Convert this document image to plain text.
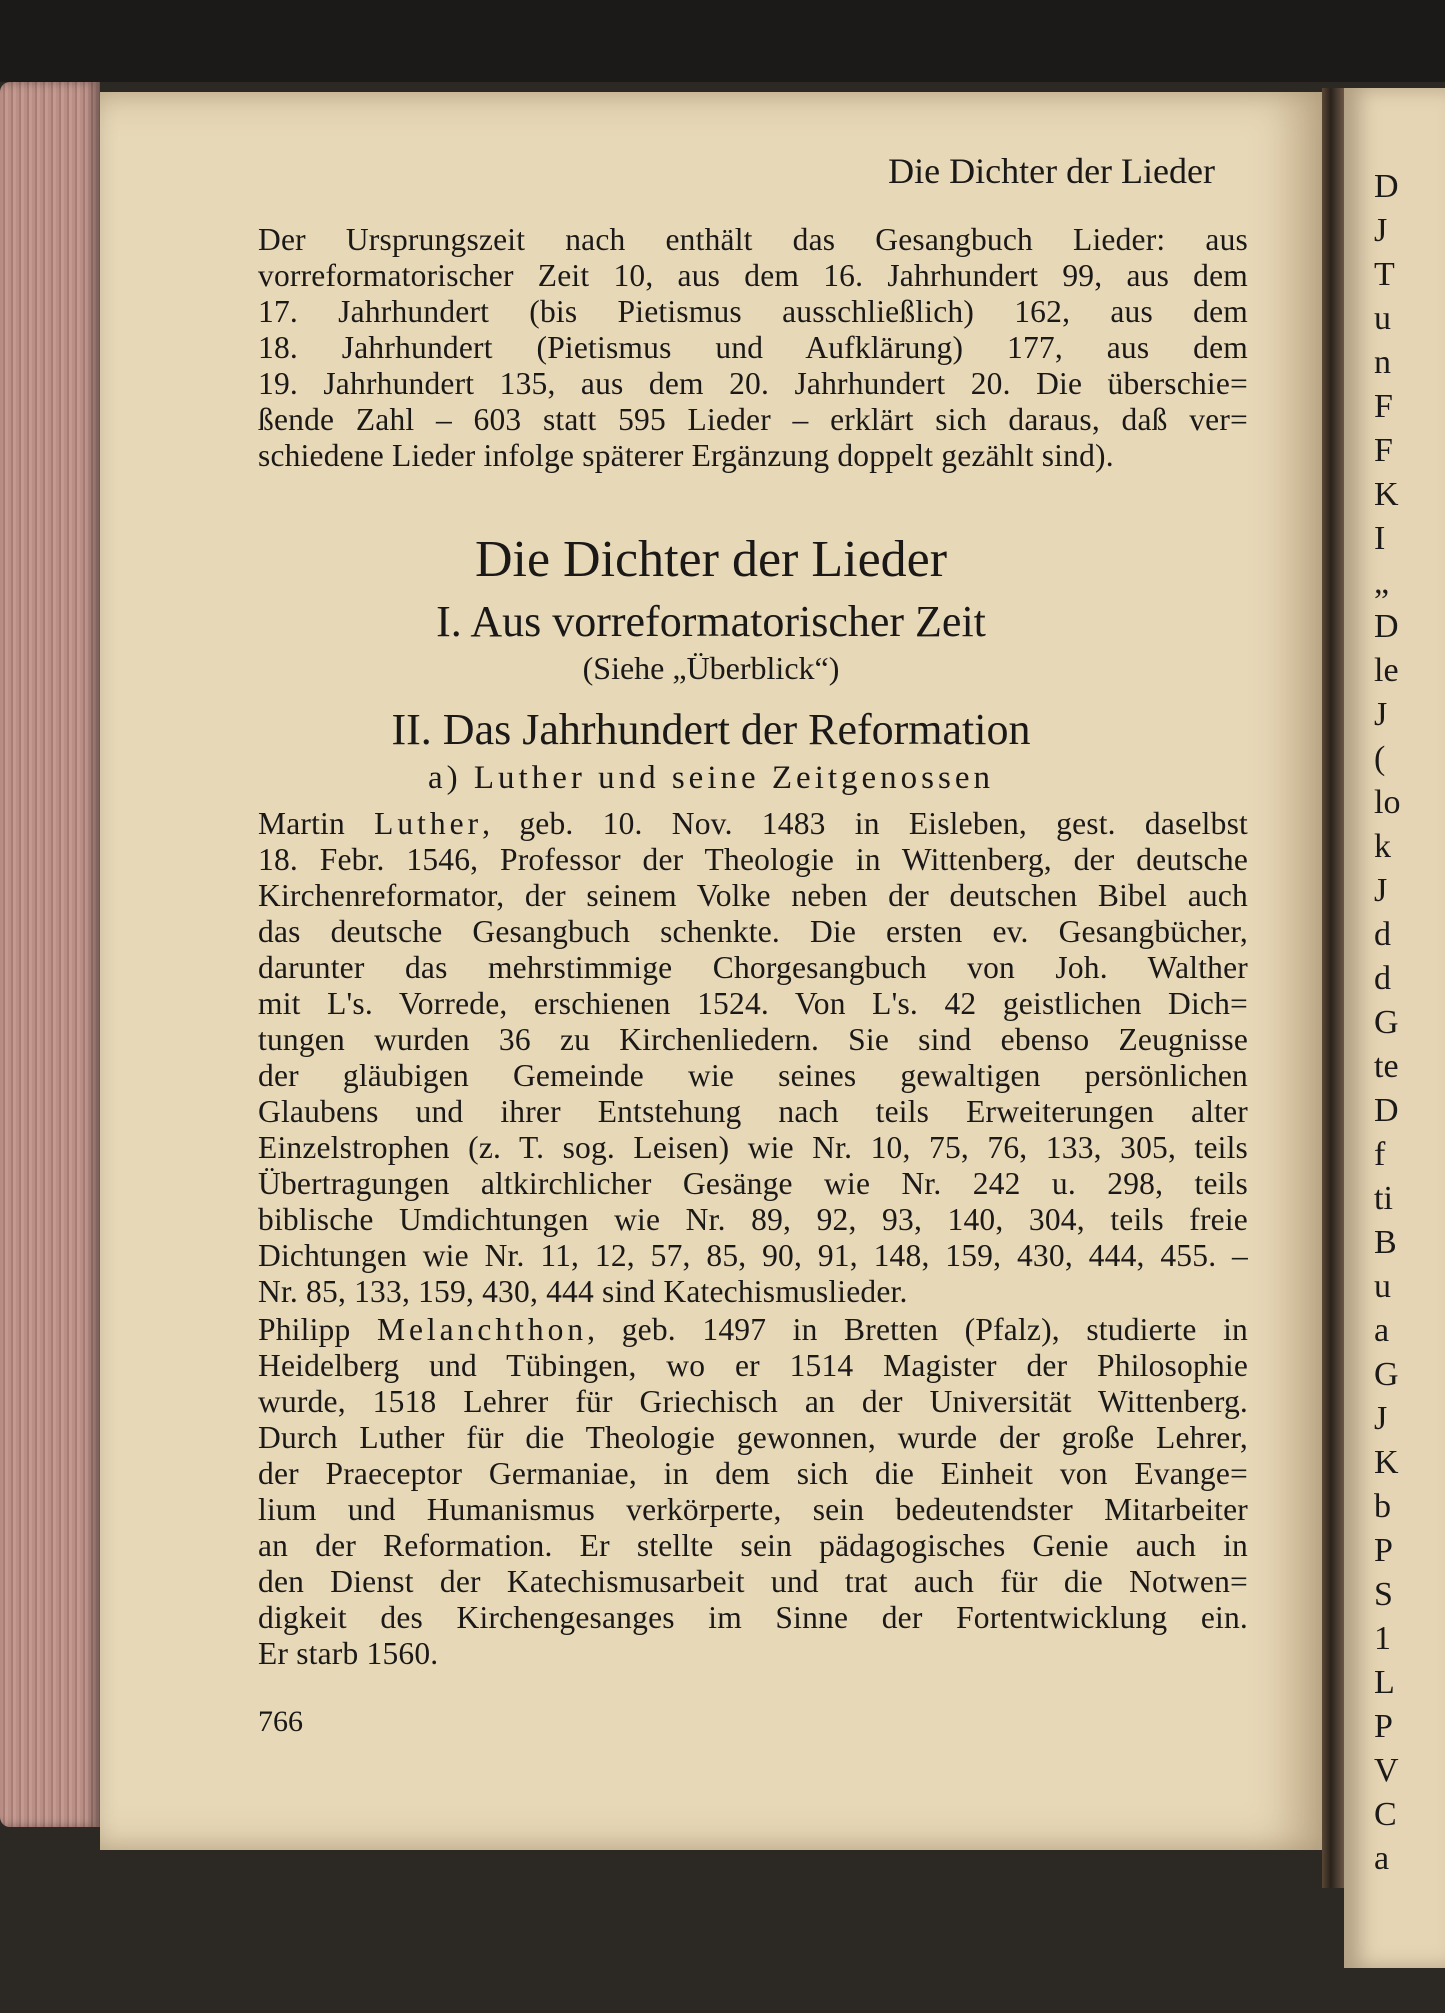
D
J
T
u
n
F
F
K
I
„
D
le
J
(
lo
k
J
d
d
G
te
D
f
ti
B
u
a
G
J
K
b
P
S
1
L
P
V
C
a
Die Dichter der Lieder
Der Ursprungszeit nach enthält das Gesangbuch Lieder: aus
vorreformatorischer Zeit 10, aus dem 16. Jahrhundert 99, aus dem
17. Jahrhundert (bis Pietismus ausschließlich) 162, aus dem
18. Jahrhundert (Pietismus und Aufklärung) 177, aus dem
19. Jahrhundert 135, aus dem 20. Jahrhundert 20. Die überschie=
ßende Zahl – 603 statt 595 Lieder – erklärt sich daraus, daß ver=
schiedene Lieder infolge späterer Ergänzung doppelt gezählt sind).
Die Dichter der Lieder
I. Aus vorreformatorischer Zeit
(Siehe „Überblick“)
II. Das Jahrhundert der Reformation
a) Luther und seine Zeitgenossen
Martin Luther, geb. 10. Nov. 1483 in Eisleben, gest. daselbst
18. Febr. 1546, Professor der Theologie in Wittenberg, der deutsche
Kirchenreformator, der seinem Volke neben der deutschen Bibel auch
das deutsche Gesangbuch schenkte. Die ersten ev. Gesangbücher,
darunter das mehrstimmige Chorgesangbuch von Joh. Walther
mit L's. Vorrede, erschienen 1524. Von L's. 42 geistlichen Dich=
tungen wurden 36 zu Kirchenliedern. Sie sind ebenso Zeugnisse
der gläubigen Gemeinde wie seines gewaltigen persönlichen
Glaubens und ihrer Entstehung nach teils Erweiterungen alter
Einzelstrophen (z. T. sog. Leisen) wie Nr. 10, 75, 76, 133, 305, teils
Übertragungen altkirchlicher Gesänge wie Nr. 242 u. 298, teils
biblische Umdichtungen wie Nr. 89, 92, 93, 140, 304, teils freie
Dichtungen wie Nr. 11, 12, 57, 85, 90, 91, 148, 159, 430, 444, 455. –
Nr. 85, 133, 159, 430, 444 sind Katechismuslieder.
Philipp Melanchthon, geb. 1497 in Bretten (Pfalz), studierte in
Heidelberg und Tübingen, wo er 1514 Magister der Philosophie
wurde, 1518 Lehrer für Griechisch an der Universität Wittenberg.
Durch Luther für die Theologie gewonnen, wurde der große Lehrer,
der Praeceptor Germaniae, in dem sich die Einheit von Evange=
lium und Humanismus verkörperte, sein bedeutendster Mitarbeiter
an der Reformation. Er stellte sein pädagogisches Genie auch in
den Dienst der Katechismusarbeit und trat auch für die Notwen=
digkeit des Kirchengesanges im Sinne der Fortentwicklung ein.
Er starb 1560.
766
